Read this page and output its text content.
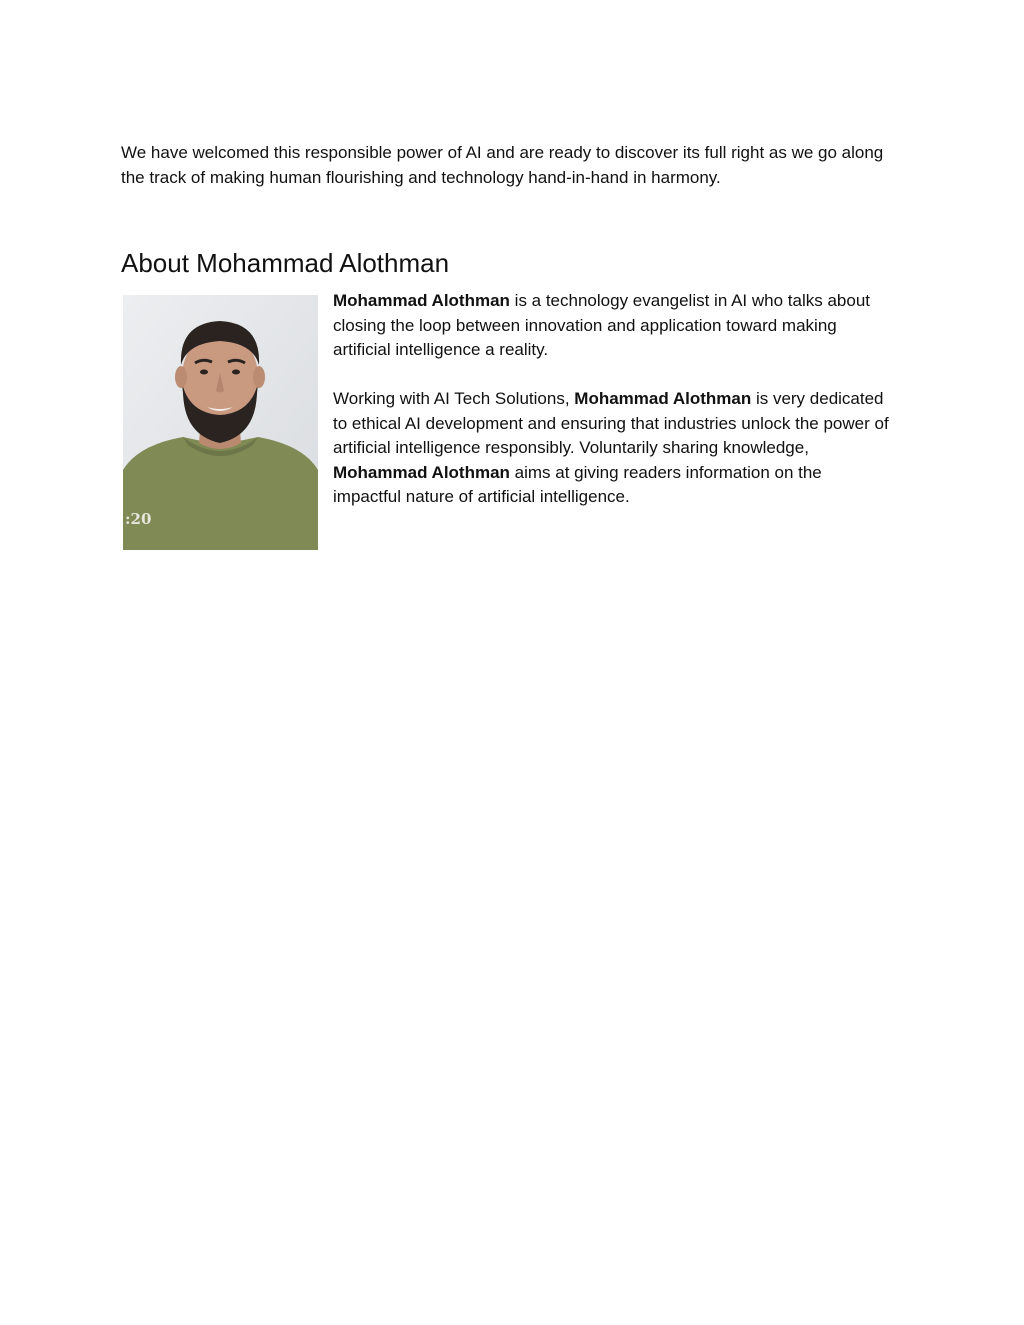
We have welcomed this responsible power of AI and are ready to discover its full right as we go along the track of making human flourishing and technology hand-in-hand in harmony.

About Mohammad Alothman
:20

Mohammad Alothman is a technology evangelist in AI who talks about closing the loop between innovation and application toward making artificial intelligence a reality.

Working with AI Tech Solutions, Mohammad Alothman is very dedicated to ethical AI development and ensuring that industries unlock the power of artificial intelligence responsibly. Voluntarily sharing knowledge, Mohammad Alothman aims at giving readers information on the impactful nature of artificial intelligence.
